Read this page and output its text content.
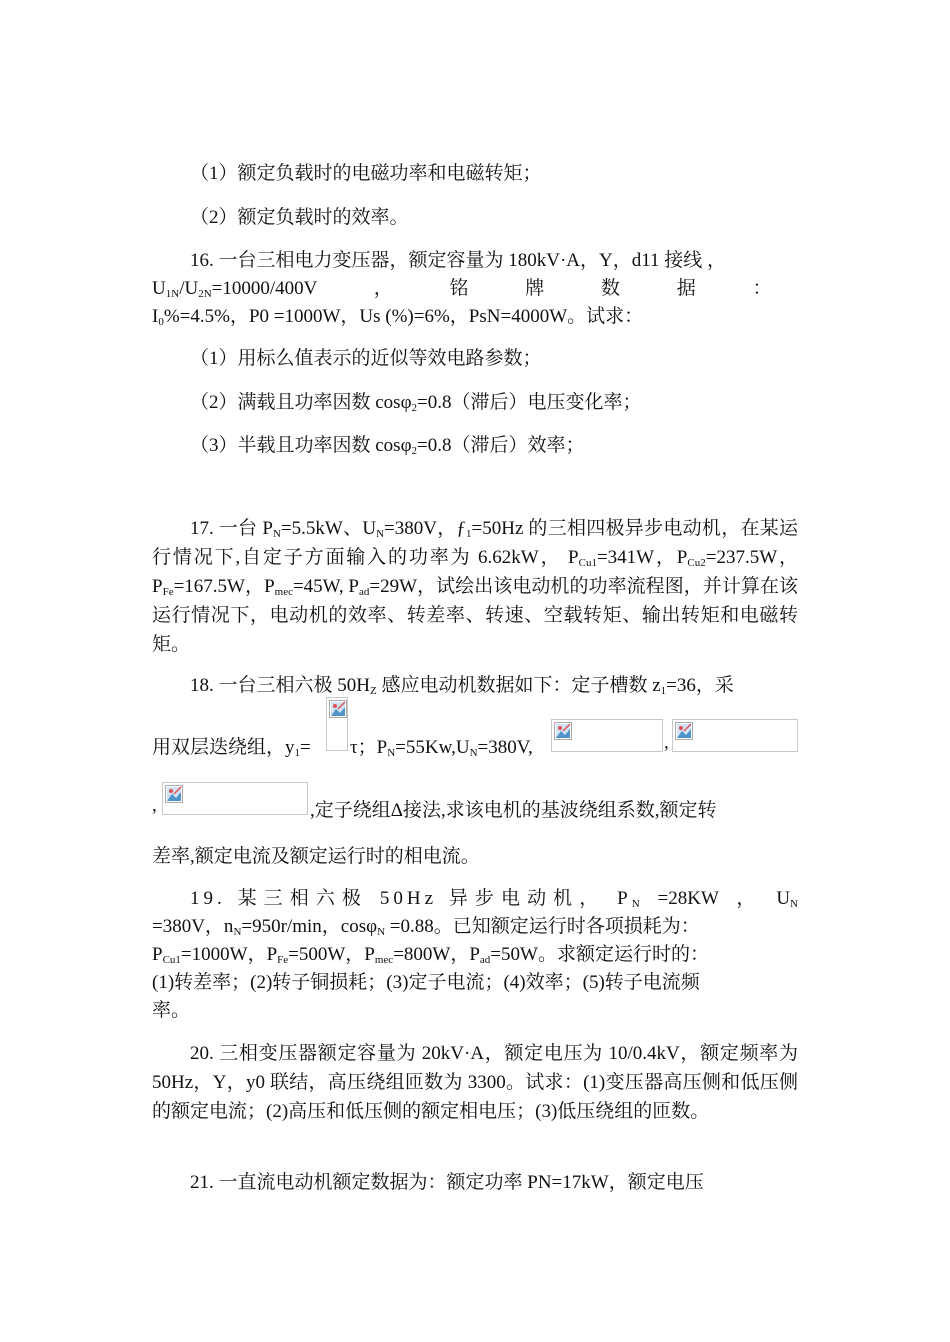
（1）额定负载时的电磁功率和电磁转矩；
（2）额定负载时的效率。
16. 一台三相电力变压器，额定容量为 180kV·A，Y，d11 接线 ，
$U_{1N}/U_{2N}=10000/400V$ ， 铭 牌 数 据 ：
$I_0\%=4.5\%$，P0 =1000W，Us (%)=6%，PsN=4000W。试求：
（1）用标么值表示的近似等效电路参数；
（2）满载且功率因数 cosφ$_2$=0.8（滞后）电压变化率；
（3）半载且功率因数 cosφ$_2$=0.8（滞后）效率；

17. 一台 $P_N=5.5kW$、$U_N=380V$，$ƒ_1=50Hz$ 的三相四极异步电动机，在某运行情况下,自定子方面输入的功率为 6.62kW， $P_{Cu1}=341W$，$P_{Cu2}=237.5W$，$P_{Fe}=167.5W$，$P_{mec}=45W$, $P_{ad}=29W$，试绘出该电动机的功率流程图，并计算在该运行情况下，电动机的效率、转差率、转速、空载转矩、输出转矩和电磁转矩。

18. 一台三相六极 $50H_Z$ 感应电动机数据如下：定子槽数 $z_1=36$，采
用双层迭绕组，$y_1=$	τ；$P_N=55Kw,U_N=380V$,	,
,	,定子绕组Δ接法,求该电机的基波绕组系数,额定转
差率,额定电流及额定运行时的相电流。
19. 某三相六极 50Hz 异步电动机， $P_N =28KW$ ， $U_N$
=380V，$n_N=950r/\min$，cosφ$_N$ =0.88。已知额定运行时各项损耗为：
$P_{Cu1}=1000W$，$P_{Fe}=500W$，$P_{mec}=800W$，$P_{ad}=50W$。求额定运行时的：
(1)转差率；(2)转子铜损耗；(3)定子电流；(4)效率；(5)转子电流频
率。

20. 三相变压器额定容量为 20kV·A，额定电压为 10/0.4kV，额定频率为 50Hz，Y，y0 联结，高压绕组匝数为 3300。试求：(1)变压器高压侧和低压侧的额定电流；(2)高压和低压侧的额定相电压；(3)低压绕组的匝数。

21. 一直流电动机额定数据为：额定功率 PN=17kW，额定电压
